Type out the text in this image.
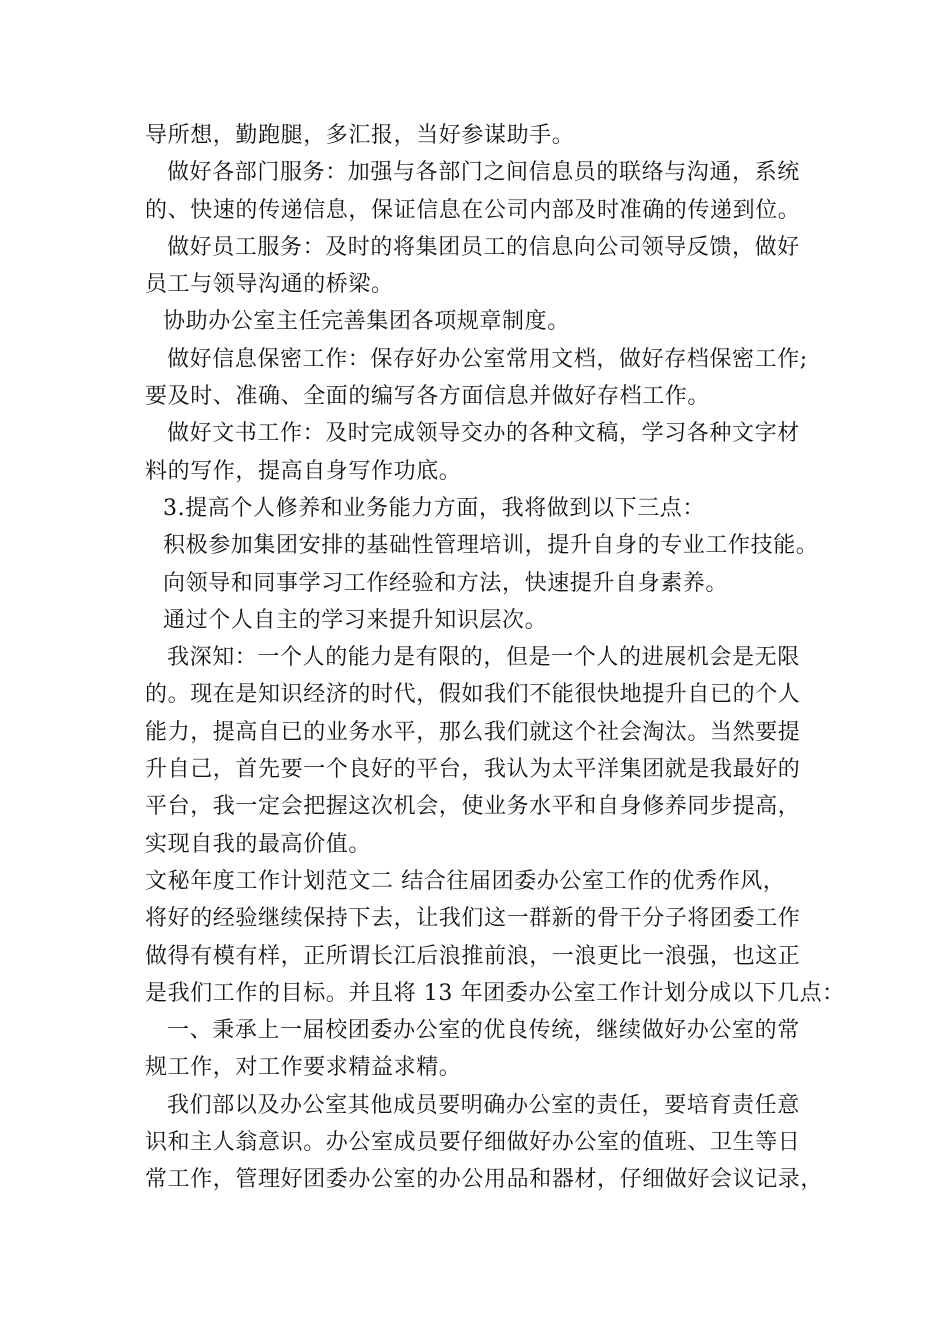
导所想，勤跑腿，多汇报，当好参谋助手。
做好各部门服务：加强与各部门之间信息员的联络与沟通，系统
的、快速的传递信息，保证信息在公司内部及时准确的传递到位。
做好员工服务：及时的将集团员工的信息向公司领导反馈，做好
员工与领导沟通的桥梁。
协助办公室主任完善集团各项规章制度。
做好信息保密工作：保存好办公室常用文档，做好存档保密工作;
要及时、准确、全面的编写各方面信息并做好存档工作。
做好文书工作：及时完成领导交办的各种文稿，学习各种文字材
料的写作，提高自身写作功底。
3.提高个人修养和业务能力方面，我将做到以下三点：
积极参加集团安排的基础性管理培训，提升自身的专业工作技能。
向领导和同事学习工作经验和方法，快速提升自身素养。
通过个人自主的学习来提升知识层次。
我深知：一个人的能力是有限的，但是一个人的进展机会是无限
的。现在是知识经济的时代，假如我们不能很快地提升自已的个人
能力，提高自已的业务水平，那么我们就这个社会淘汰。当然要提
升自己，首先要一个良好的平台，我认为太平洋集团就是我最好的
平台，我一定会把握这次机会，使业务水平和自身修养同步提高，
实现自我的最高价值。
文秘年度工作计划范文二 结合往届团委办公室工作的优秀作风，
将好的经验继续保持下去，让我们这一群新的骨干分子将团委工作
做得有模有样，正所谓长江后浪推前浪，一浪更比一浪强，也这正
是我们工作的目标。并且将 13 年团委办公室工作计划分成以下几点：
一、秉承上一届校团委办公室的优良传统，继续做好办公室的常
规工作，对工作要求精益求精。
我们部以及办公室其他成员要明确办公室的责任，要培育责任意
识和主人翁意识。办公室成员要仔细做好办公室的值班、卫生等日
常工作，管理好团委办公室的办公用品和器材，仔细做好会议记录，
